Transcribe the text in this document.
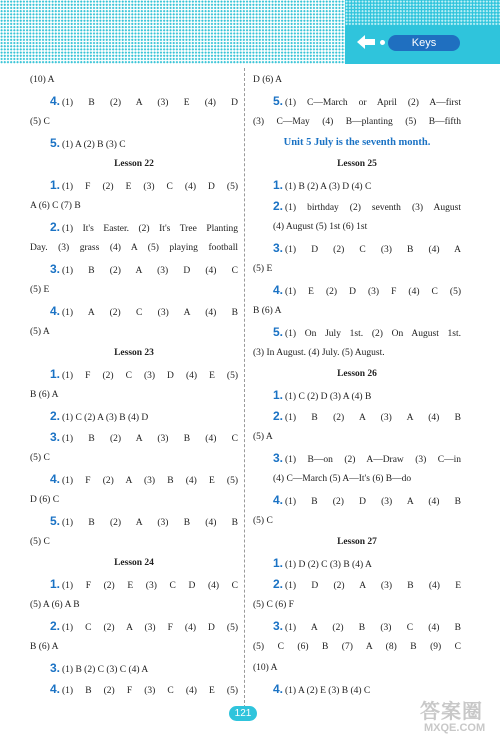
Keys
(10) A
4. (1) B (2) A (3) E (4) D
(5) C
5. (1) A (2) B (3) C
Lesson 22
1. (1) F (2) E (3) C (4) D (5)
A (6) C (7) B
2. (1) It's Easter. (2) It's Tree Planting
Day. (3) grass (4) A (5) playing football
3. (1) B (2) A (3) D (4) C
(5) E
4. (1) A (2) C (3) A (4) B
(5) A
Lesson 23
1. (1) F (2) C (3) D (4) E (5)
B (6) A
2. (1) C (2) A (3) B (4) D
3. (1) B (2) A (3) B (4) C
(5) C
4. (1) F (2) A (3) B (4) E (5)
D (6) C
5. (1) B (2) A (3) B (4) B
(5) C
Lesson 24
1. (1) F (2) E (3) C D (4) C
(5) A (6) A B
2. (1) C (2) A (3) F (4) D (5)
B (6) A
3. (1) B (2) C (3) C (4) A
4. (1) B (2) F (3) C (4) E (5)
D (6) A
5. (1) C—March or April (2) A—first
(3) C—May (4) B—planting (5) B—fifth
Unit 5 July is the seventh month.
Lesson 25
1. (1) B (2) A (3) D (4) C
2. (1) birthday (2) seventh (3) August
(4) August (5) 1st (6) 1st
3. (1) D (2) C (3) B (4) A
(5) E
4. (1) E (2) D (3) F (4) C (5)
B (6) A
5. (1) On July 1st. (2) On August 1st.
(3) In August. (4) July. (5) August.
Lesson 26
1. (1) C (2) D (3) A (4) B
2. (1) B (2) A (3) A (4) B
(5) A
3. (1) B—on (2) A—Draw (3) C—in
(4) C—March (5) A—It's (6) B—do
4. (1) B (2) D (3) A (4) B
(5) C
Lesson 27
1. (1) D (2) C (3) B (4) A
2. (1) D (2) A (3) B (4) E
(5) C (6) F
3. (1) A (2) B (3) C (4) B
(5) C (6) B (7) A (8) B (9) C
(10) A
4. (1) A (2) E (3) B (4) C
121	答案圈
MXQE.COM
